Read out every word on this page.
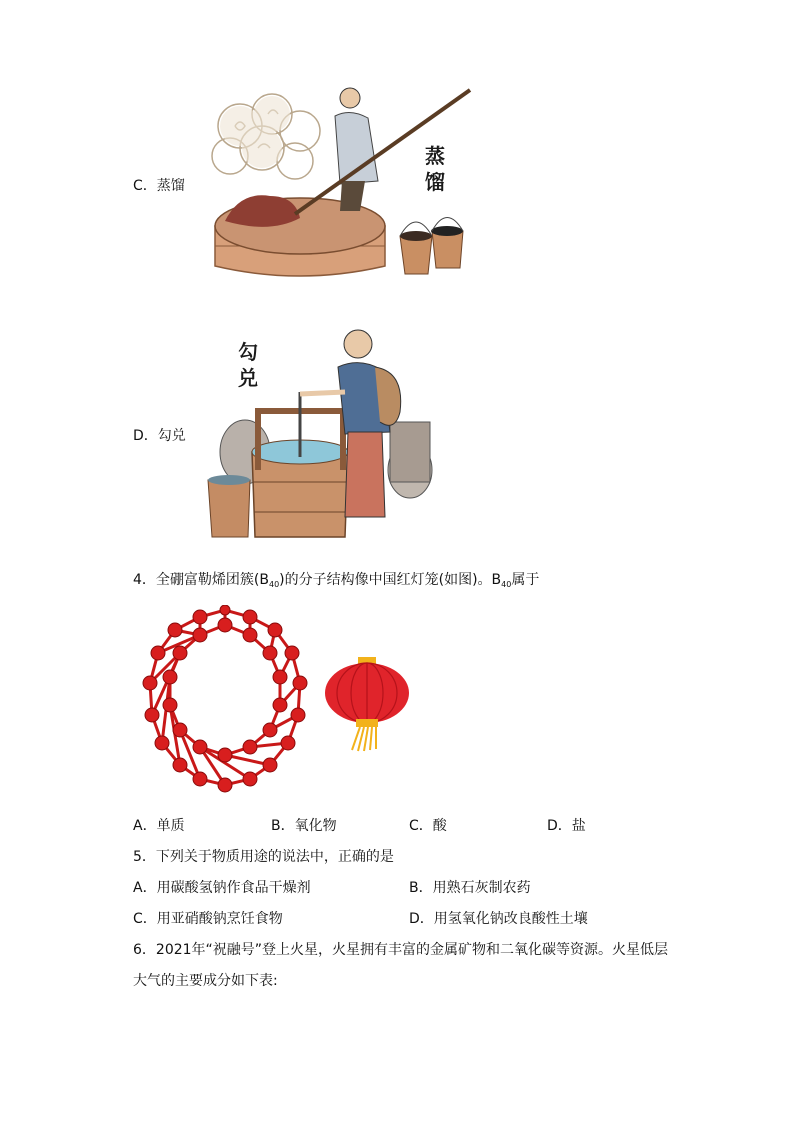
C．蒸馏
蒸
馏
D．勾兑
勾
兑
4．全硼富勒烯团簇$(B_{40})$的分子结构像中国红灯笼(如图)。$B_{40}$属于
A．单质	B．氧化物	C．酸	D．盐
5．下列关于物质用途的说法中，正确的是
A．用碳酸氢钠作食品干燥剂	B．用熟石灰制农药
C．用亚硝酸钠烹饪食物	D．用氢氧化钠改良酸性土壤
6．2021年“祝融号”登上火星，火星拥有丰富的金属矿物和二氧化碳等资源。火星低层
大气的主要成分如下表:
